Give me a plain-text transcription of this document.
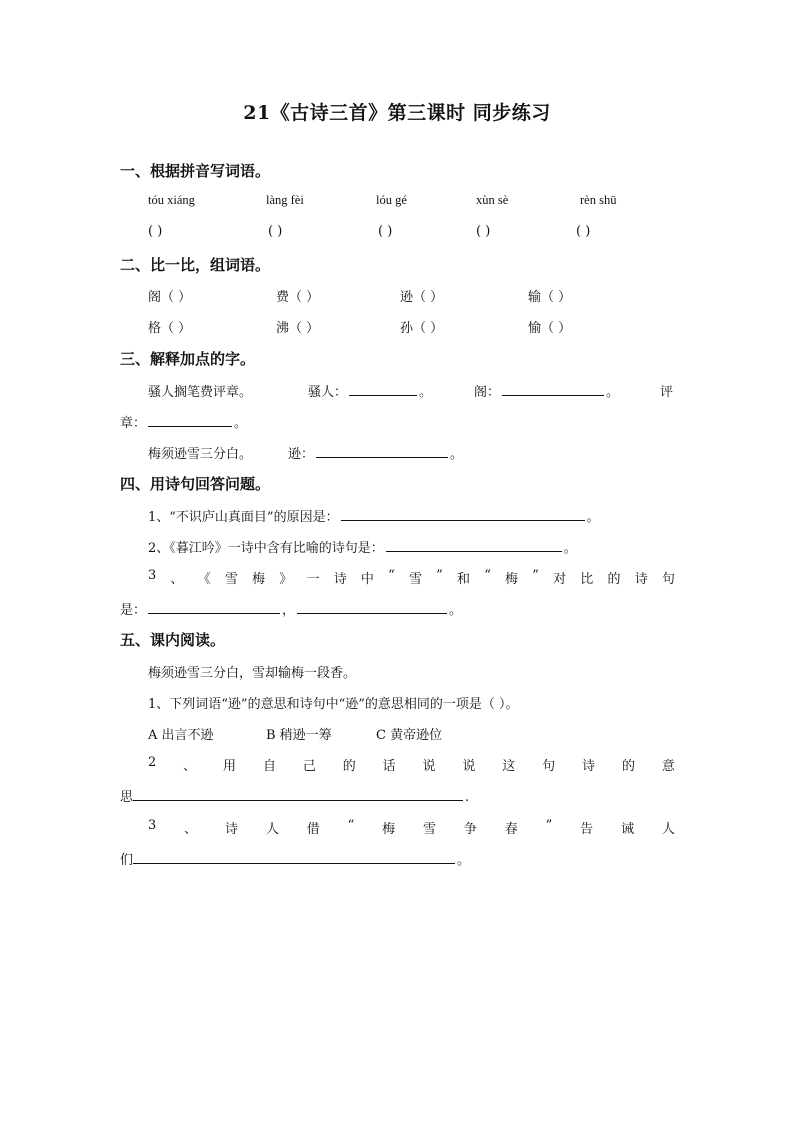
21《古诗三首》第三课时 同步练习
一、根据拼音写词语。
tóu xiáng	làng fèi	lóu gé	xùn sè	rèn shū
( )	( )	( )	( )	( )
二、比一比，组词语。
阁（ ）	费（ ）	逊（ ）	输（ ）
格（ ）	沸（ ）	孙（ ）	愉（ ）
三、解释加点的字。
骚人搁笔费评章。	骚人：	。	阁：	。	评
章：	。
梅须逊雪三分白。	逊：	。
四、用诗句回答问题。
1、“不识庐山真面目”的原因是：	。
2、《暮江吟》一诗中含有比喻的诗句是：	。
3 、 《 雪 梅 》 一 诗 中 “ 雪 ” 和 “ 梅 ” 对 比 的 诗 句
是：	，	。
五、课内阅读。
梅须逊雪三分白，雪却输梅一段香。
1、下列词语“逊”的意思和诗句中“逊”的意思相同的一项是（ ）。
A 出言不逊	B 稍逊一筹	C 黄帝逊位
2 、 用 自 己 的 话 说 说 这 句 诗 的 意
思	.
3 、 诗 人 借 “ 梅 雪 争 春 ” 告 诫 人
们	。
